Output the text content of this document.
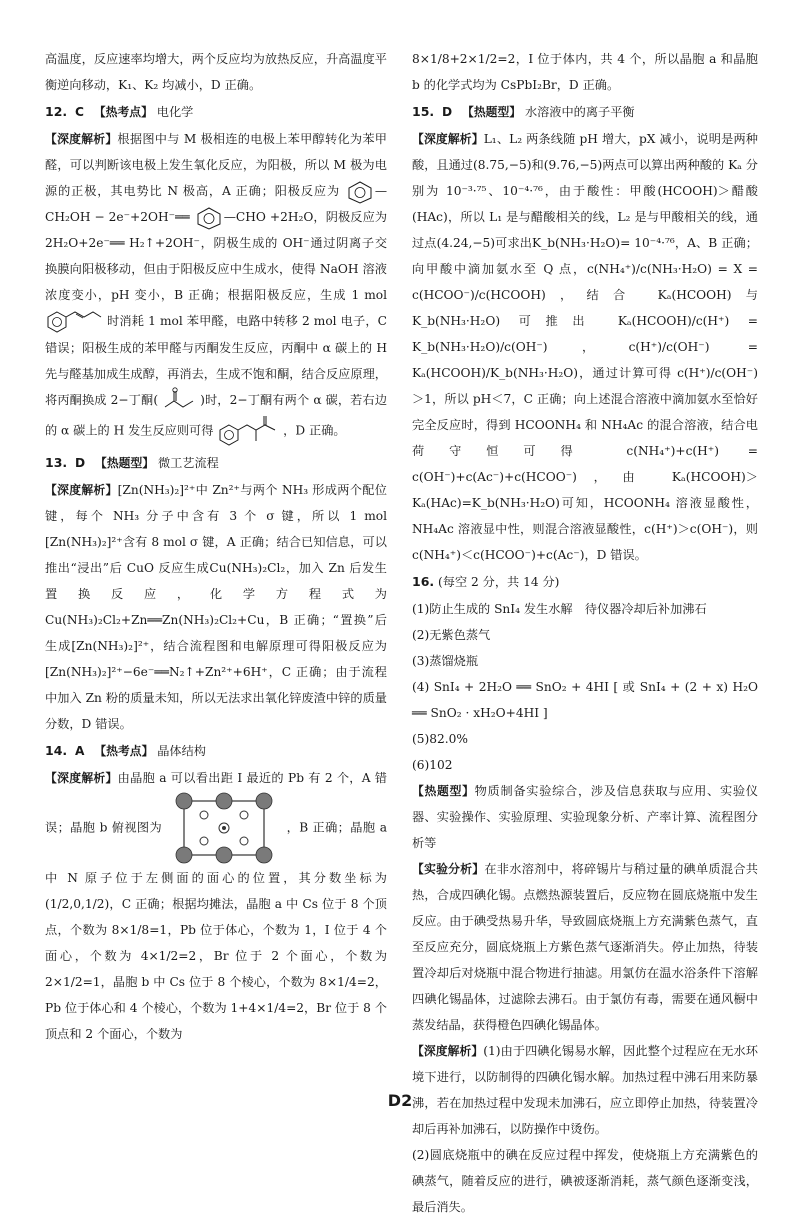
高温度，反应速率均增大，两个反应均为放热反应，升高温度平衡逆向移动，K₁、K₂ 均减小，D 正确。

12. C 【 热考点 】 电化学

【 深度解析 】 根据图中与 M 极相连的电极上苯甲醇转化为苯甲醛，可以判断该电极上发生氧化反应，为阳极，所以 M 极为电源的正极，其电势比 N 极高，A 正确；阳极反应为	—CH₂OH − 2e⁻+2OH⁻══	—CHO +2H₂O，阴极反应为 2H₂O+2e⁻══ H₂↑+2OH⁻，阴极生成的 OH⁻通过阴离子交换膜向阳极移动，但由于阳极反应中生成水，使得 NaOH 溶液浓度变小，pH 变小，B 正确；根据阳极反应，生成 1 mol  时消耗 1 mol 苯甲醛，电路中转移 2 mol 电子，C 错误；阳极生成的苯甲醛与丙酮发生反应，丙酮中 α 碳上的 H 先与醛基加成生成醇，再消去，生成不饱和酮，结合反应原理，将丙酮换成 2−丁酮(	)时，2−丁酮有两个 α 碳，若右边的 α 碳上的 H 发生反应则可得	，D 正确。

13. D 【 热题型 】 微工艺流程

【 深度解析 】 [Zn(NH₃)₂]²⁺中 Zn²⁺与两个 NH₃ 形成两个配位键，每个 NH₃ 分子中含有 3 个 σ 键，所以 1 mol [Zn(NH₃)₂]²⁺含有 8 mol σ 键，A 正确；结合已知信息，可以推出“浸出”后 CuO 反应生成Cu(NH₃)₂Cl₂，加入 Zn 后发生置换反应，化学方程式为 Cu(NH₃)₂Cl₂+Zn══Zn(NH₃)₂Cl₂+Cu，B 正确；“置换”后生成[Zn(NH₃)₂]²⁺，结合流程图和电解原理可得阳极反应为[Zn(NH₃)₂]²⁺−6e⁻══N₂↑+Zn²⁺+6H⁺，C 正确；由于流程中加入 Zn 粉的质量未知，所以无法求出氧化锌废渣中锌的质量分数，D 错误。

14. A 【 热考点 】 晶体结构

【 深度解析 】 由晶胞 a 可以看出距 I 最近的 Pb 有 2 个，A 错误；晶胞 b 俯视图为	，B 正确；晶胞 a 中 N 原子位于左侧面的面心的位置，其分数坐标为(1/2,0,1/2)，C 正确；根据均摊法，晶胞 a 中 Cs 位于 8 个顶点，个数为 8×1/8=1，Pb 位于体心，个数为 1，I 位于 4 个面心，个数为 4×1/2=2，Br 位于 2 个面心，个数为 2×1/2=1，晶胞 b 中 Cs 位于 8 个棱心，个数为 8×1/4=2，Pb 位于体心和 4 个棱心，个数为 1+4×1/4=2，Br 位于 8 个顶点和 2 个面心，个数为

8×1/8+2×1/2=2，I 位于体内，共 4 个，所以晶胞 a 和晶胞 b 的化学式均为 CsPbI₂Br，D 正确。

15. D 【 热题型 】 水溶液中的离子平衡

【 深度解析 】 L₁、L₂ 两条线随 pH 增大，pX 减小，说明是两种酸，且通过(8.75,−5)和(9.76,−5)两点可以算出两种酸的 Kₐ 分别为 10⁻³·⁷⁵、10⁻⁴·⁷⁶，由于酸性：甲酸(HCOOH)＞醋酸(HAc)，所以 L₁ 是与醋酸相关的线，L₂ 是与甲酸相关的线，通过点(4.24,−5)可求出K_b(NH₃·H₂O)= 10⁻⁴·⁷⁶，A、B 正确；向甲酸中滴加氨水至 Q 点，c(NH₄⁺)/c(NH₃·H₂O) = X = c(HCOO⁻)/c(HCOOH)，结合 Kₐ(HCOOH)与 K_b(NH₃·H₂O) 可推出 Kₐ(HCOOH)/c(H⁺) = K_b(NH₃·H₂O)/c(OH⁻)，c(H⁺)/c(OH⁻) = Kₐ(HCOOH)/K_b(NH₃·H₂O)，通过计算可得 c(H⁺)/c(OH⁻)＞1，所以 pH＜7，C 正确；向上述混合溶液中滴加氨水至恰好完全反应时，得到 HCOONH₄ 和 NH₄Ac 的混合溶液，结合电荷守恒可得 c(NH₄⁺)+c(H⁺) = c(OH⁻)+c(Ac⁻)+c(HCOO⁻)，由 Kₐ(HCOOH)＞Kₐ(HAc)=K_b(NH₃·H₂O)可知，HCOONH₄ 溶液显酸性，NH₄Ac 溶液显中性，则混合溶液显酸性，c(H⁺)＞c(OH⁻)，则 c(NH₄⁺)＜c(HCOO⁻)+c(Ac⁻)，D 错误。

16. (每空 2 分，共 14 分)

(1)防止生成的 SnI₄ 发生水解　待仪器冷却后补加沸石

(2)无紫色蒸气

(3)蒸馏烧瓶

(4) SnI₄ + 2H₂O ══ SnO₂ + 4HI [ 或 SnI₄ + (2 + x) H₂O ══ SnO₂ · xH₂O+4HI ]

(5)82.0%

(6)102

【 热题型 】 物质制备实验综合，涉及信息获取与应用、实验仪器、实验操作、实验原理、实验现象分析、产率计算、流程图分析等

【 实验分析 】 在非水溶剂中，将碎锡片与稍过量的碘单质混合共热，合成四碘化锡。点燃热源装置后，反应物在圆底烧瓶中发生反应。由于碘受热易升华，导致圆底烧瓶上方充满紫色蒸气，直至反应充分，圆底烧瓶上方紫色蒸气逐渐消失。停止加热，待装置冷却后对烧瓶中混合物进行抽滤。用氯仿在温水浴条件下溶解四碘化锡晶体，过滤除去沸石。由于氯仿有毒，需要在通风橱中蒸发结晶，获得橙色四碘化锡晶体。

【 深度解析 】 (1)由于四碘化锡易水解，因此整个过程应在无水环境下进行，以防制得的四碘化锡水解。加热过程中沸石用来防暴沸，若在加热过程中发现未加沸石，应立即停止加热，待装置冷却后再补加沸石，以防操作中烫伤。

(2)圆底烧瓶中的碘在反应过程中挥发，使烧瓶上方充满紫色的碘蒸气，随着反应的进行，碘被逐渐消耗，蒸气颜色逐渐变浅，最后消失。

D2
